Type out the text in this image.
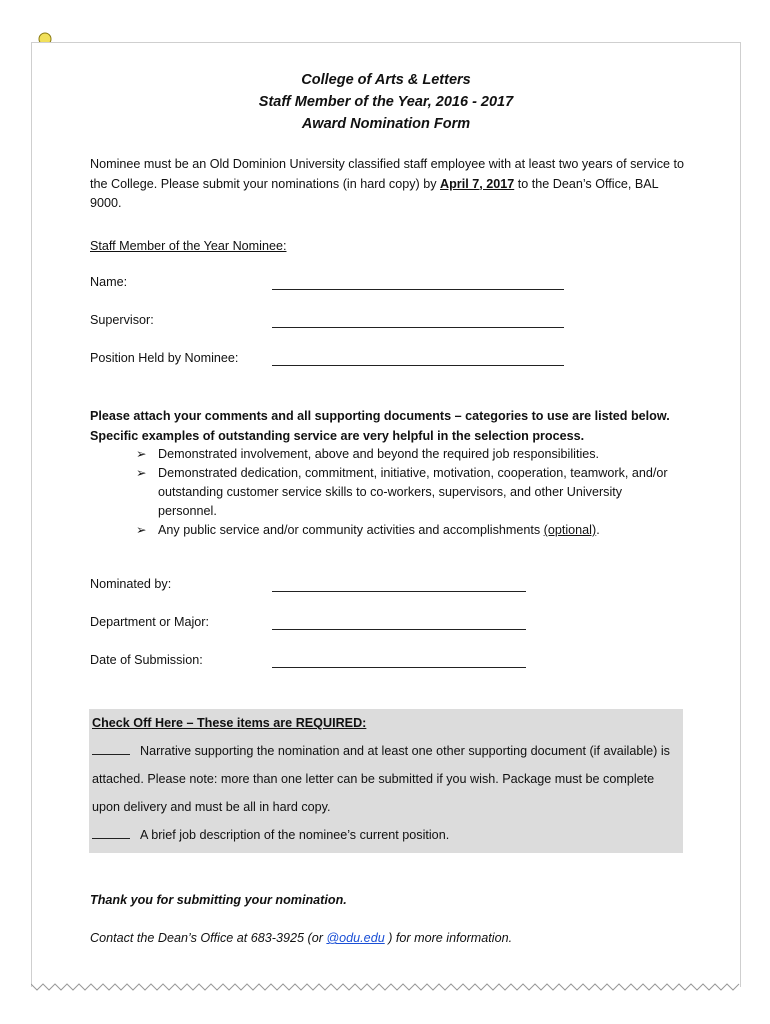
College of Arts & Letters
Staff Member of the Year, 2016 - 2017
Award Nomination Form
Nominee must be an Old Dominion University classified staff employee with at least two years of service to the College. Please submit your nominations (in hard copy) by April 7, 2017 to the Dean’s Office, BAL 9000.
Staff Member of the Year Nominee:
Name:
Supervisor:
Position Held by Nominee:
Please attach your comments and all supporting documents – categories to use are listed below. Specific examples of outstanding service are very helpful in the selection process.
➢ Demonstrated involvement, above and beyond the required job responsibilities.
➢ Demonstrated dedication, commitment, initiative, motivation, cooperation, teamwork, and/or outstanding customer service skills to co-workers, supervisors, and other University personnel.
➢ Any public service and/or community activities and accomplishments (optional).
Nominated by:
Department or Major:
Date of Submission:
Check Off Here – These items are REQUIRED:
Narrative supporting the nomination and at least one other supporting document (if available) is attached. Please note: more than one letter can be submitted if you wish. Package must be complete upon delivery and must be all in hard copy.
A brief job description of the nominee’s current position.
Thank you for submitting your nomination.
Contact the Dean’s Office at 683-3925 (or @odu.edu ) for more information.
